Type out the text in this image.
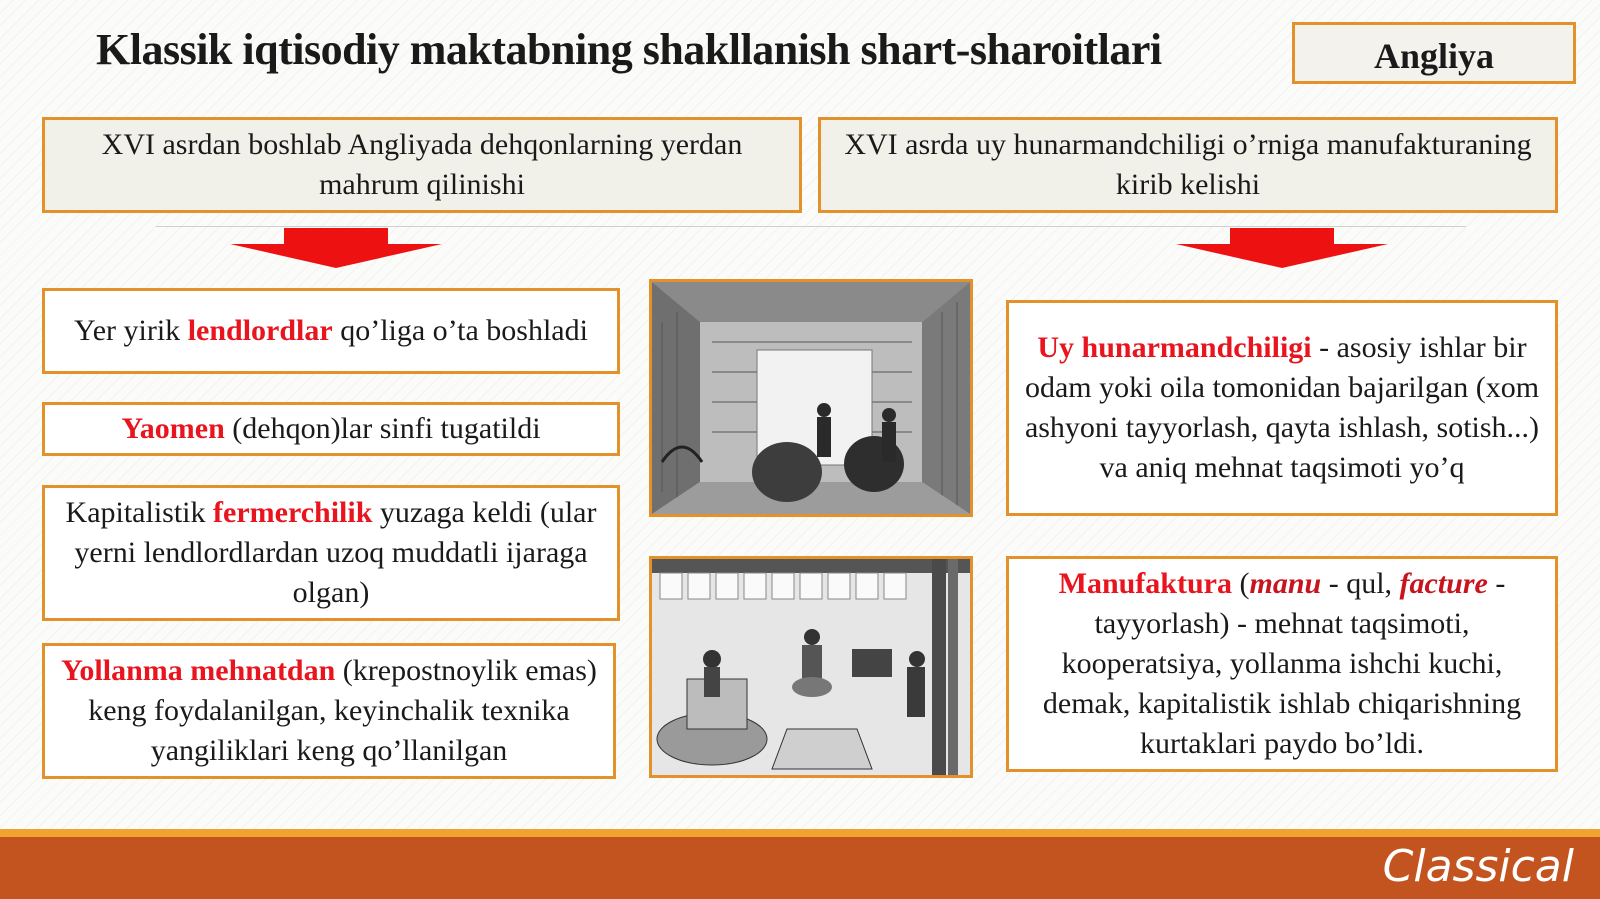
Klassik iqtisodiy maktabning shakllanish shart-sharoitlari	Angliya
XVI asrdan boshlab Angliyada dehqonlarning yerdan mahrum qilinishi
XVI asrda uy hunarmandchiligi o’rniga manufakturaning kirib kelishi
Yer yirik lendlordlar qo’liga o’ta boshladi
Yaomen (dehqon)lar sinfi tugatildi
Kapitalistik fermerchilik yuzaga keldi (ular yerni lendlordlardan uzoq muddatli ijaraga olgan)
Yollanma mehnatdan (krepostnoylik emas) keng foydalanilgan, keyinchalik texnika yangiliklari keng qo’llanilgan
Uy hunarmandchiligi - asosiy ishlar bir odam yoki oila tomonidan bajarilgan (xom ashyoni tayyorlash, qayta ishlash, sotish...) va aniq mehnat taqsimoti yo’q
Manufaktura (manu - qul, facture - tayyorlash) - mehnat taqsimoti, kooperatsiya, yollanma ishchi kuchi, demak, kapitalistik ishlab chiqarishning kurtaklari paydo bo’ldi.
Classical
